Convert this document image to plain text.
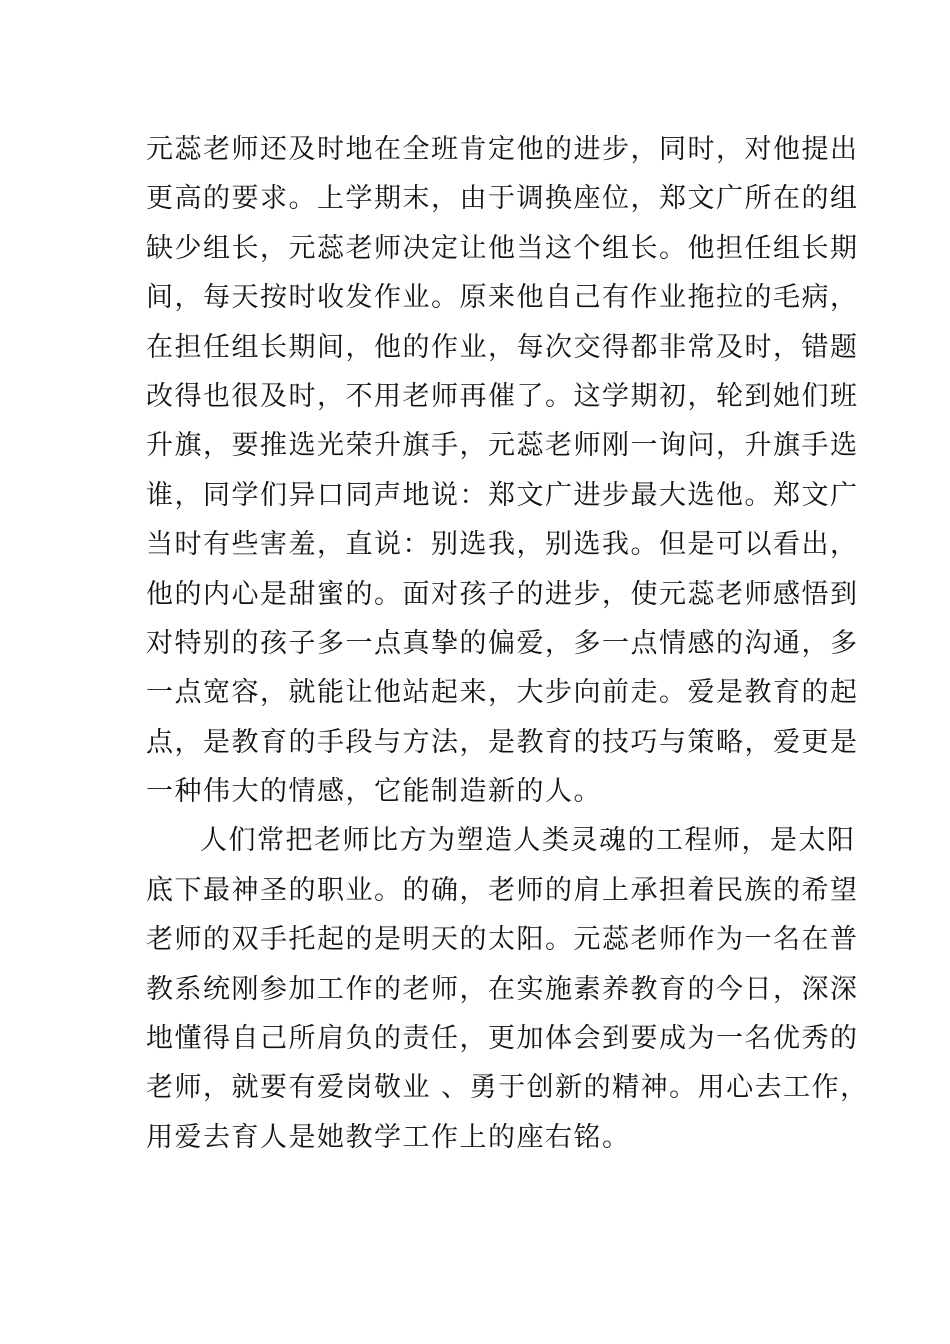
元蕊老师还及时地在全班肯定他的进步，同时，对他提出
更高的要求。上学期末，由于调换座位，郑文广所在的组
缺少组长，元蕊老师决定让他当这个组长。他担任组长期
间，每天按时收发作业。原来他自己有作业拖拉的毛病，
在担任组长期间，他的作业，每次交得都非常及时，错题
改得也很及时，不用老师再催了。这学期初，轮到她们班
升旗，要推选光荣升旗手，元蕊老师刚一询问，升旗手选
谁，同学们异口同声地说：郑文广进步最大选他。郑文广
当时有些害羞，直说：别选我，别选我。但是可以看出，
他的内心是甜蜜的。面对孩子的进步，使元蕊老师感悟到
对特别的孩子多一点真挚的偏爱，多一点情感的沟通，多
一点宽容，就能让他站起来，大步向前走。爱是教育的起
点，是教育的手段与方法，是教育的技巧与策略，爱更是
一种伟大的情感，它能制造新的人。
人们常把老师比方为塑造人类灵魂的工程师，是太阳
底下最神圣的职业。的确，老师的肩上承担着民族的希望
老师的双手托起的是明天的太阳。元蕊老师作为一名在普
教系统刚参加工作的老师，在实施素养教育的今日，深深
地懂得自己所肩负的责任，更加体会到要成为一名优秀的
老师，就要有爱岗敬业 、勇于创新的精神。用心去工作，
用爱去育人是她教学工作上的座右铭。
